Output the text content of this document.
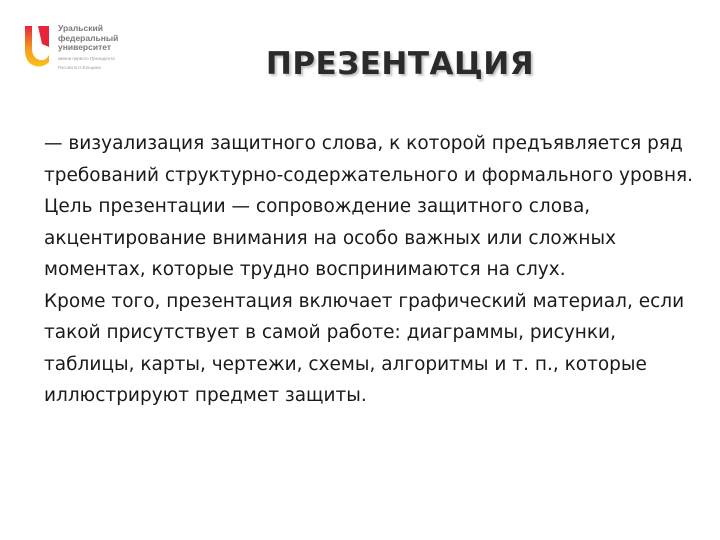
Уральский
федеральный
университет
имени первого Президента
России Б.Н.Ельцина	ПРЕЗЕНТАЦИЯ

— визуализация защитного слова, к которой предъявляется ряд требований структурно-содержательного и формального уровня.

Цель презентации — сопровождение защитного слова, акцентирование внимания на особо важных или сложных моментах, которые трудно воспринимаются на слух.

Кроме того, презентация включает графический материал, если такой присутствует в самой работе: диаграммы, рисунки, таблицы, карты, чертежи, схемы, алгоритмы и т. п., которые иллюстрируют предмет защиты.
